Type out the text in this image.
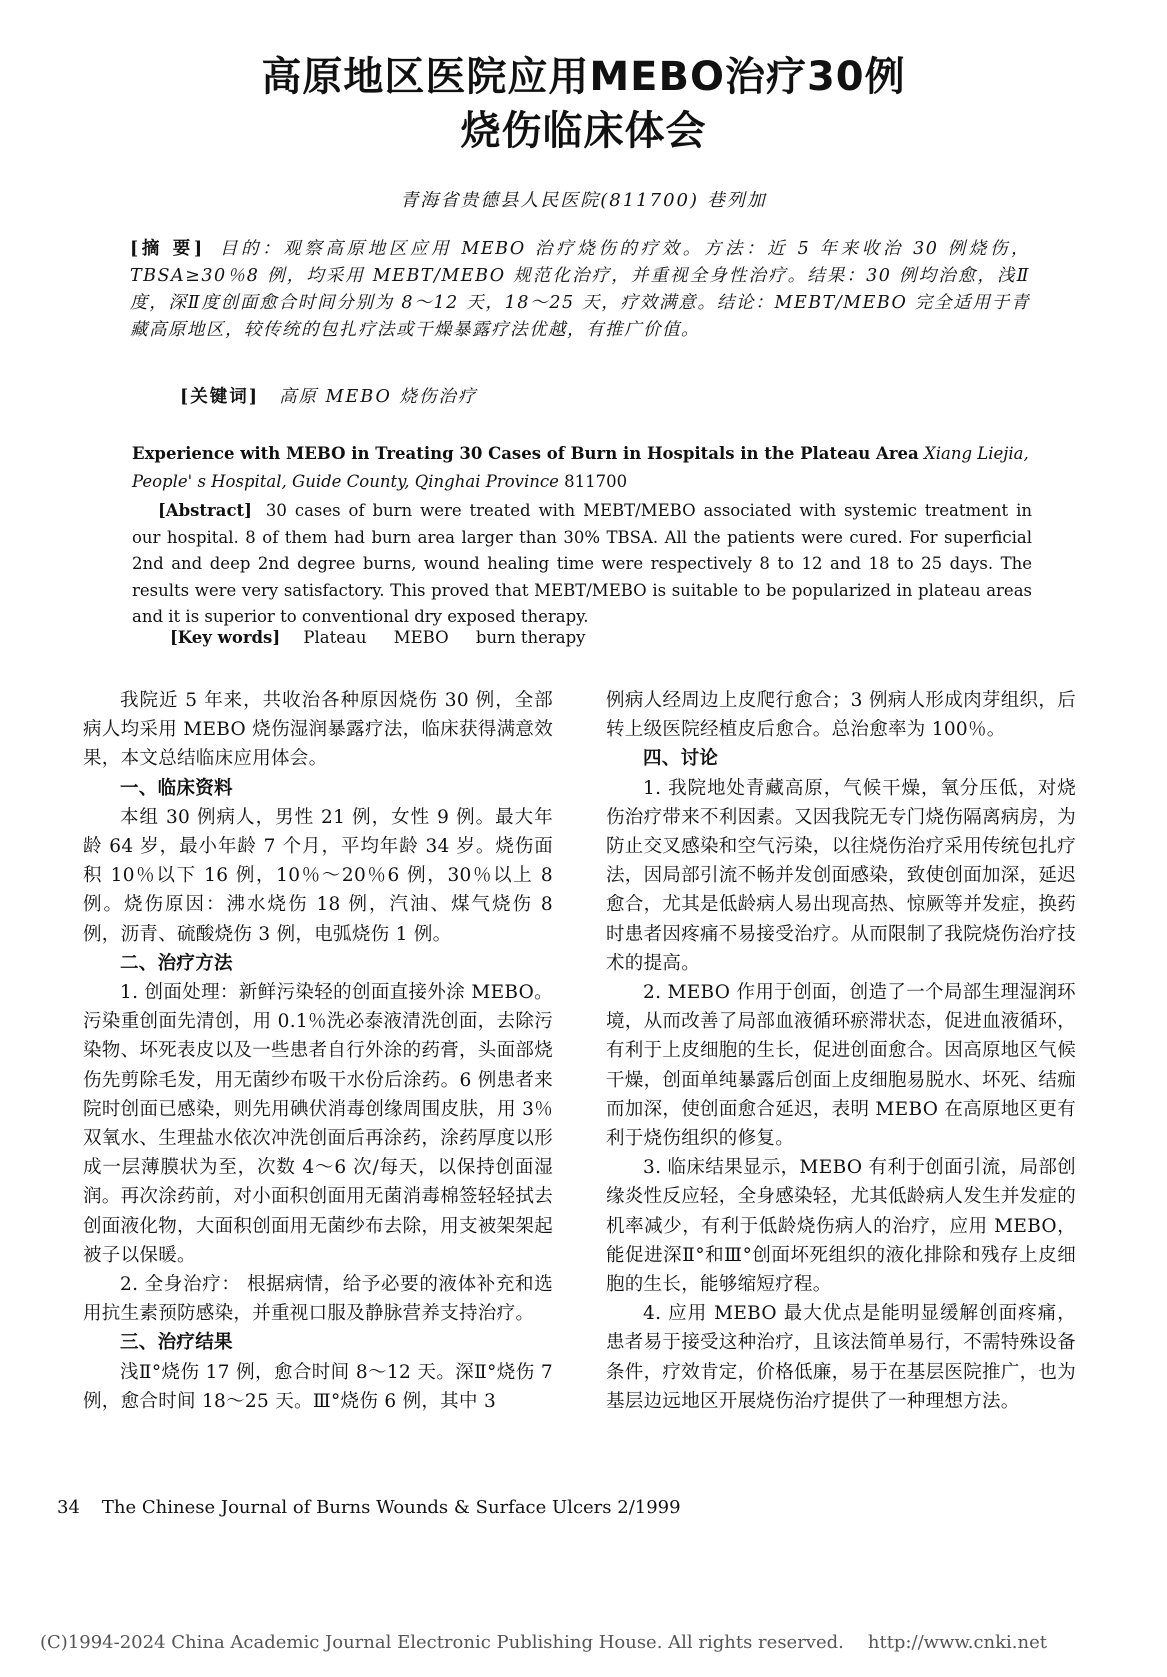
高原地区医院应用MEBO治疗30例
烧伤临床体会
青海省贵德县人民医院(811700) 巷列加
[摘 要] 目的：观察高原地区应用 MEBO 治疗烧伤的疗效。方法：近 5 年来收治 30 例烧伤，TBSA≥30％8 例，均采用 MEBT/MEBO 规范化治疗，并重视全身性治疗。结果：30 例均治愈，浅Ⅱ度，深Ⅱ度创面愈合时间分别为 8～12 天，18～25 天，疗效满意。结论：MEBT/MEBO 完全适用于青藏高原地区，较传统的包扎疗法或干燥暴露疗法优越，有推广价值。
[关键词] 高原 MEBO 烧伤治疗
Experience with MEBO in Treating 30 Cases of Burn in Hospitals in the Plateau Area Xiang Liejia,
People' s Hospital, Guide County, Qinghai Province 811700
[Abstract] 30 cases of burn were treated with MEBT/MEBO associated with systemic treatment in our hospital. 8 of them had burn area larger than 30% TBSA. All the patients were cured. For superficial 2nd and deep 2nd degree burns, wound healing time were respectively 8 to 12 and 18 to 25 days. The results were very satisfactory. This proved that MEBT/MEBO is suitable to be popularized in plateau areas and it is superior to conventional dry exposed therapy.
[Key words] Plateau MEBO burn therapy

我院近 5 年来，共收治各种原因烧伤 30 例，全部病人均采用 MEBO 烧伤湿润暴露疗法，临床获得满意效果，本文总结临床应用体会。

一、临床资料

本组 30 例病人，男性 21 例，女性 9 例。最大年龄 64 岁，最小年龄 7 个月，平均年龄 34 岁。烧伤面积 10％以下 16 例，10％～20％6 例，30％以上 8 例。烧伤原因：沸水烧伤 18 例，汽油、煤气烧伤 8 例，沥青、硫酸烧伤 3 例，电弧烧伤 1 例。

二、治疗方法

1. 创面处理：新鲜污染轻的创面直接外涂 MEBO。污染重创面先清创，用 0.1％洗必泰液清洗创面，去除污染物、坏死表皮以及一些患者自行外涂的药膏，头面部烧伤先剪除毛发，用无菌纱布吸干水份后涂药。6 例患者来院时创面已感染，则先用碘伏消毒创缘周围皮肤，用 3％双氧水、生理盐水依次冲洗创面后再涂药，涂药厚度以形成一层薄膜状为至，次数 4～6 次/每天，以保持创面湿润。再次涂药前，对小面积创面用无菌消毒棉签轻轻拭去创面液化物，大面积创面用无菌纱布去除，用支被架架起被子以保暖。

2. 全身治疗： 根据病情，给予必要的液体补充和选用抗生素预防感染，并重视口服及静脉营养支持治疗。

三、治疗结果

浅Ⅱ°烧伤 17 例，愈合时间 8～12 天。深Ⅱ°烧伤 7 例，愈合时间 18～25 天。Ⅲ°烧伤 6 例，其中 3

例病人经周边上皮爬行愈合；3 例病人形成肉芽组织，后转上级医院经植皮后愈合。总治愈率为 100％。

四、讨论

1. 我院地处青藏高原，气候干燥，氧分压低，对烧伤治疗带来不利因素。又因我院无专门烧伤隔离病房，为防止交叉感染和空气污染，以往烧伤治疗采用传统包扎疗法，因局部引流不畅并发创面感染，致使创面加深，延迟愈合，尤其是低龄病人易出现高热、惊厥等并发症，换药时患者因疼痛不易接受治疗。从而限制了我院烧伤治疗技术的提高。

2. MEBO 作用于创面，创造了一个局部生理湿润环境，从而改善了局部血液循环瘀滞状态，促进血液循环，有利于上皮细胞的生长，促进创面愈合。因高原地区气候干燥，创面单纯暴露后创面上皮细胞易脱水、坏死、结痂而加深，使创面愈合延迟，表明 MEBO 在高原地区更有利于烧伤组织的修复。

3. 临床结果显示，MEBO 有利于创面引流，局部创缘炎性反应轻，全身感染轻，尤其低龄病人发生并发症的机率减少，有利于低龄烧伤病人的治疗，应用 MEBO，能促进深Ⅱ°和Ⅲ°创面坏死组织的液化排除和残存上皮细胞的生长，能够缩短疗程。

4. 应用 MEBO 最大优点是能明显缓解创面疼痛，患者易于接受这种治疗，且该法简单易行，不需特殊设备条件，疗效肯定，价格低廉，易于在基层医院推广，也为基层边远地区开展烧伤治疗提供了一种理想方法。

34 The Chinese Journal of Burns Wounds & Surface Ulcers 2/1999
(C)1994-2024 China Academic Journal Electronic Publishing House. All rights reserved. http://www.cnki.net
